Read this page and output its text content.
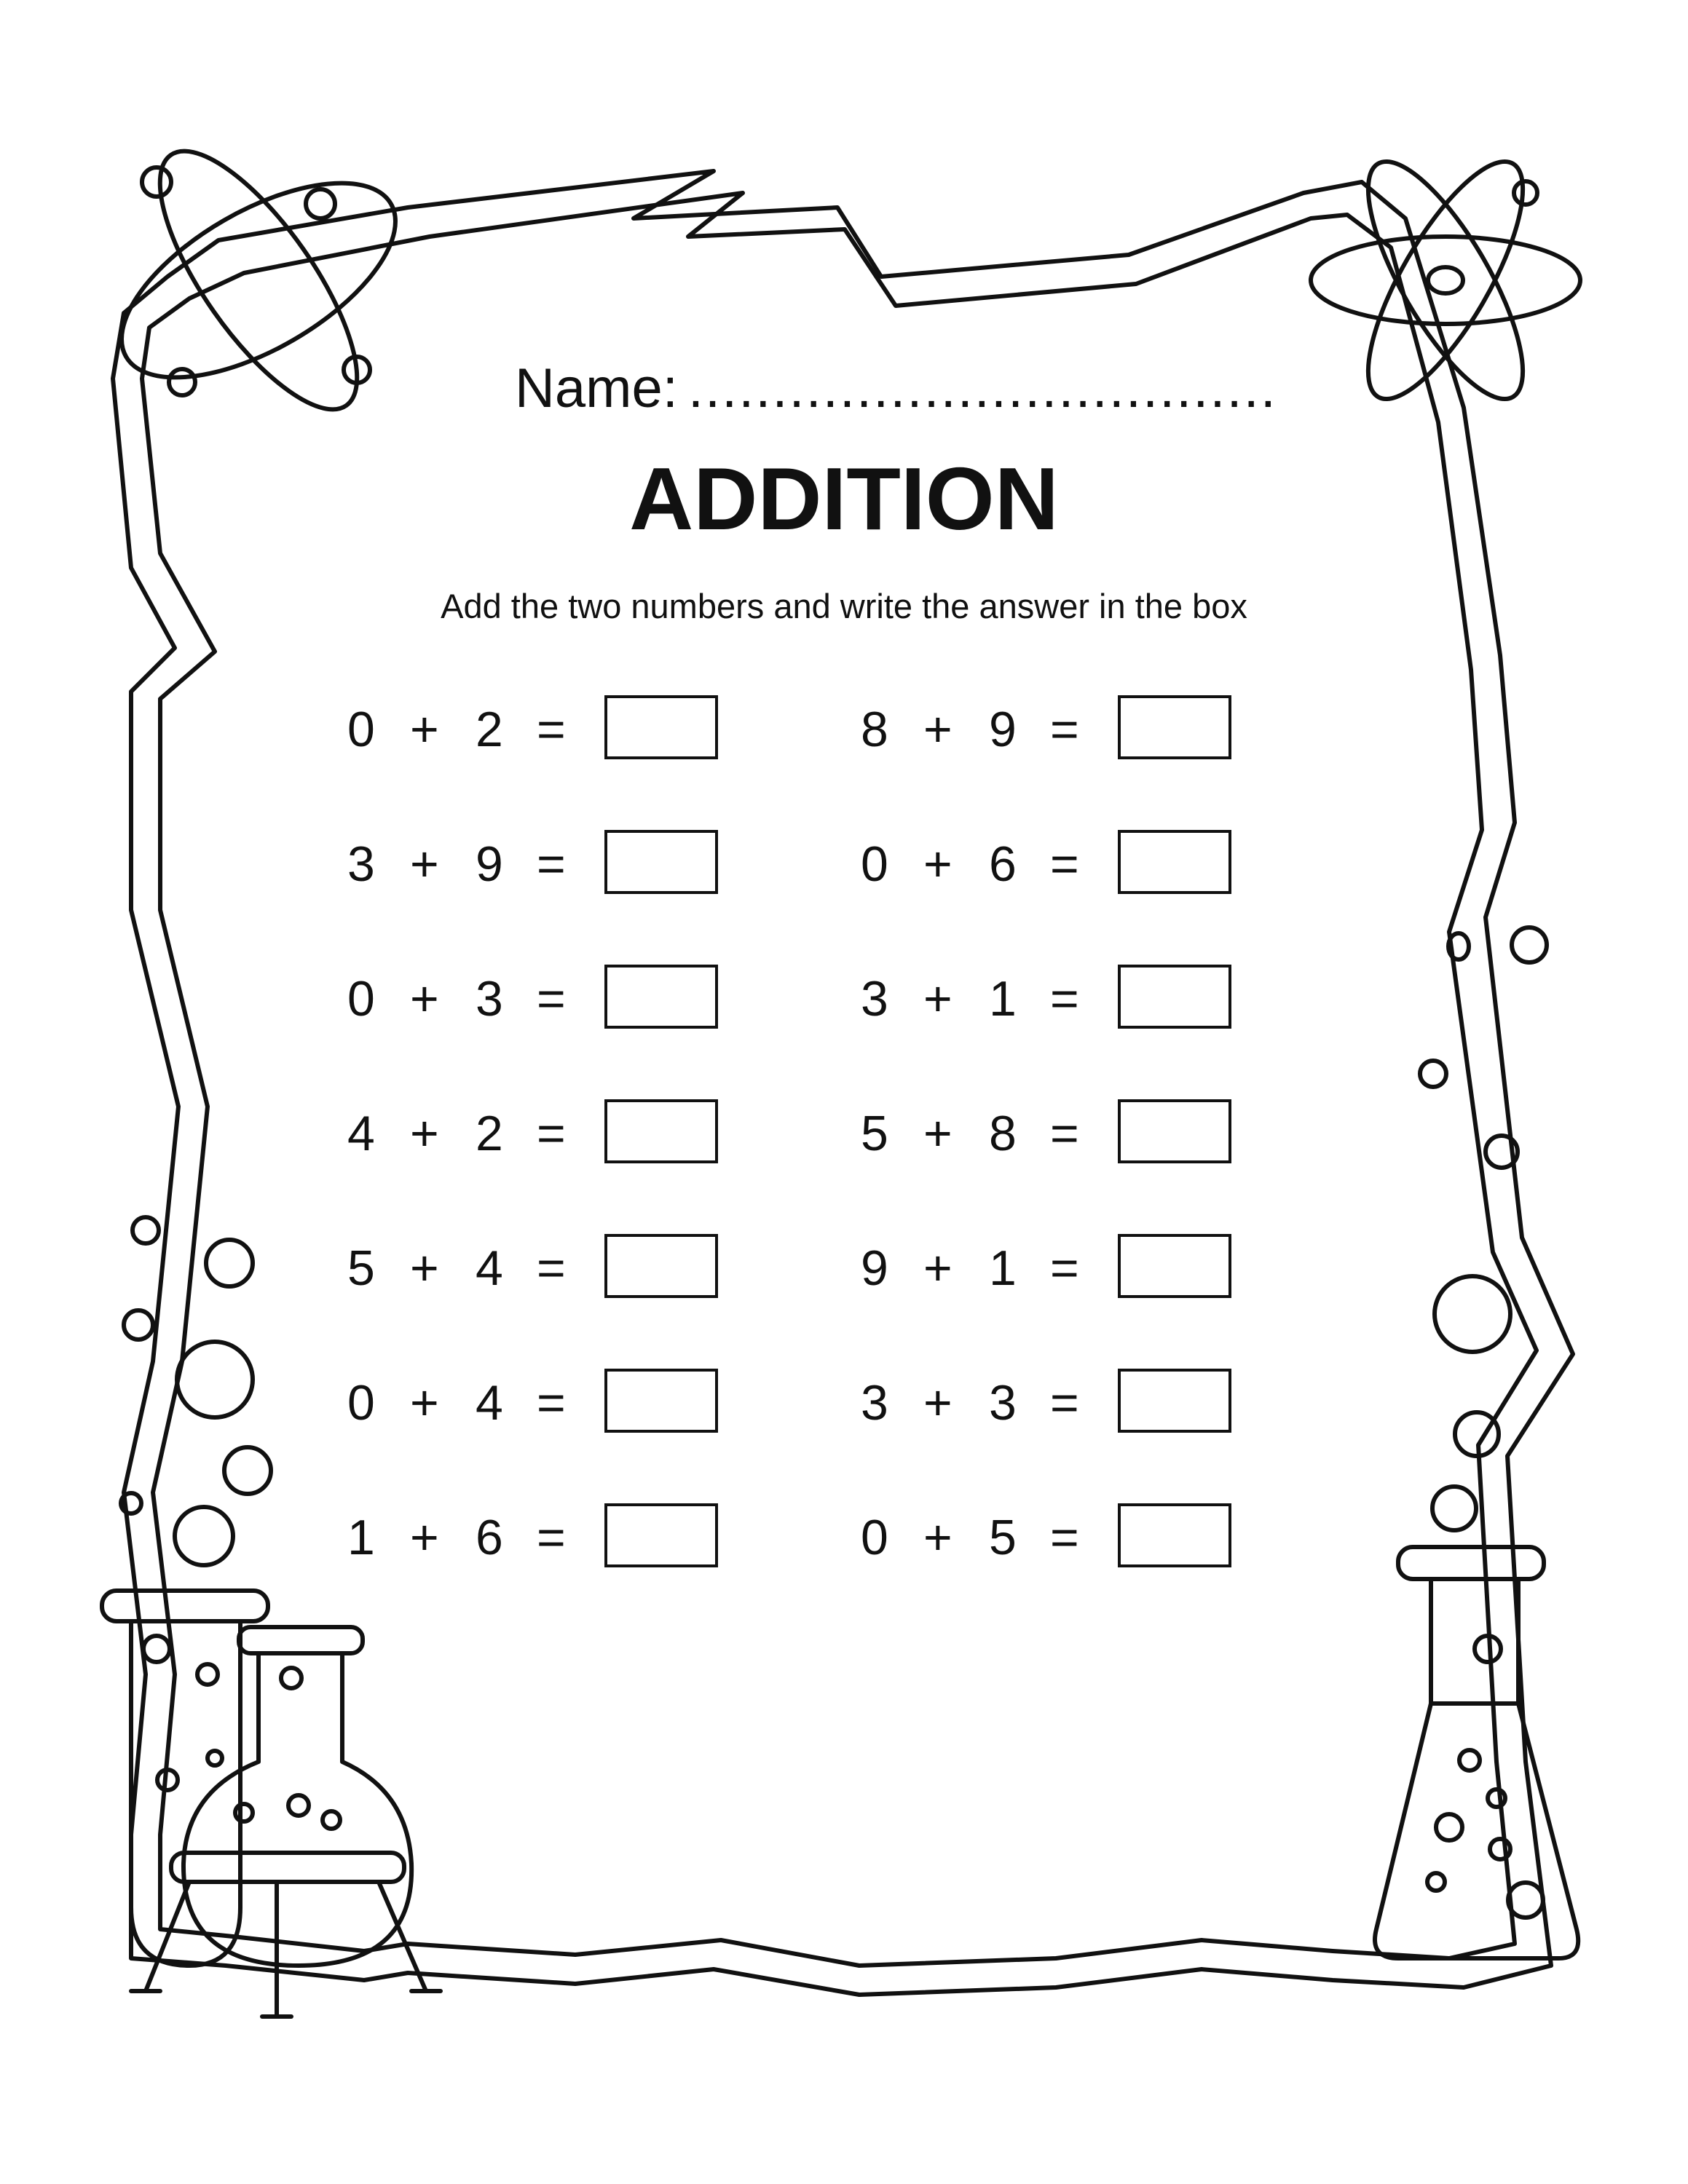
Name: ...................................
ADDITION
Add the two numbers and write the answer in the box
0 + 2 =
3 + 9 =
0 + 3 =
4 + 2 =
5 + 4 =
0 + 4 =
1 + 6 =
8 + 9 =
0 + 6 =
3 + 1 =
5 + 8 =
9 + 1 =
3 + 3 =
0 + 5 =
